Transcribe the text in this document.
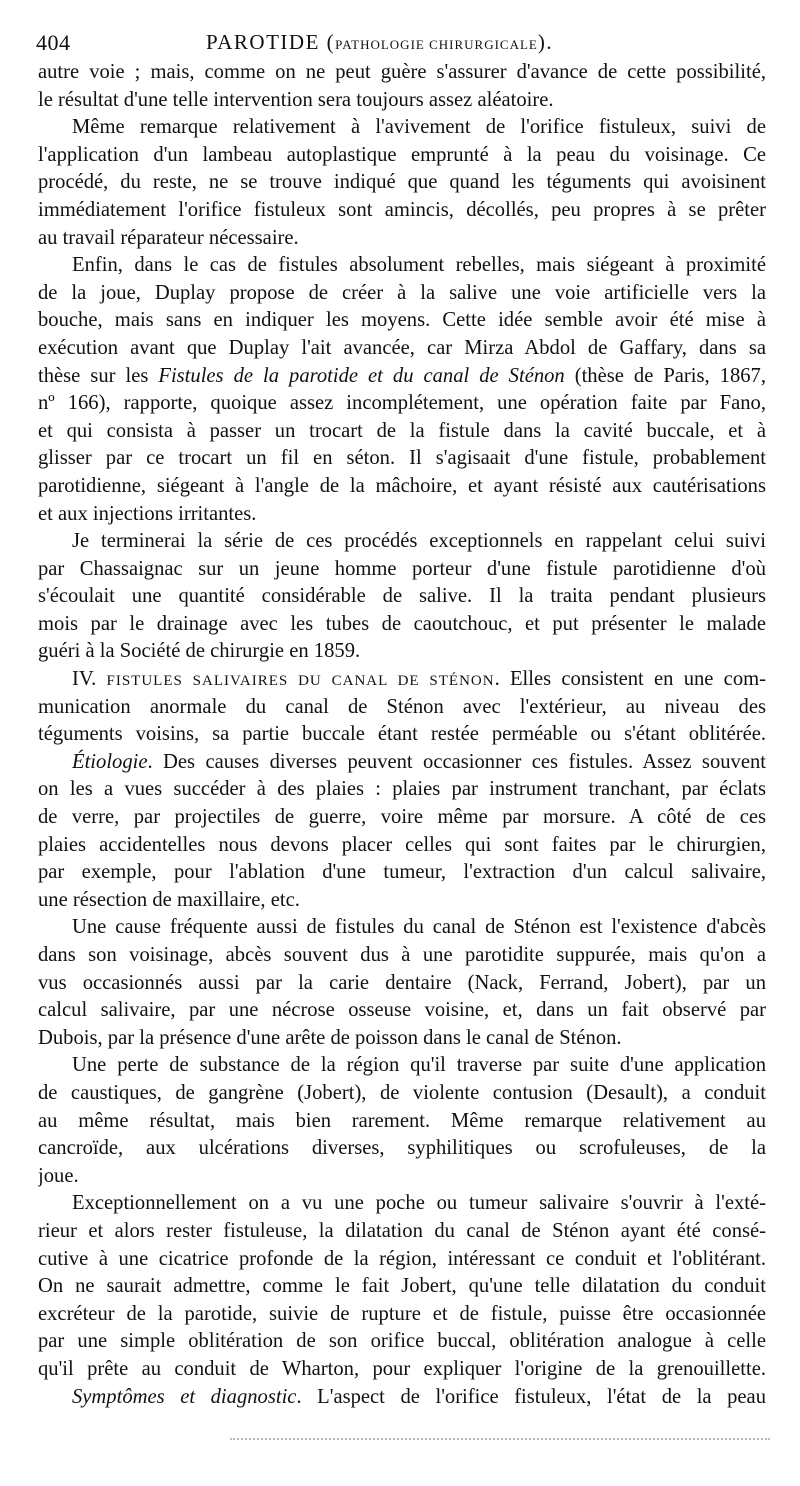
404	PAROTIDE (PATHOLOGIE CHIRURGICALE).
autre voie ; mais, comme on ne peut guère s'assurer d'avance de cette possibilité,
le résultat d'une telle intervention sera toujours assez aléatoire.
Même remarque relativement à l'avivement de l'orifice fistuleux, suivi de
l'application d'un lambeau autoplastique emprunté à la peau du voisinage. Ce
procédé, du reste, ne se trouve indiqué que quand les téguments qui avoisinent
immédiatement l'orifice fistuleux sont amincis, décollés, peu propres à se prêter
au travail réparateur nécessaire.
Enfin, dans le cas de fistules absolument rebelles, mais siégeant à proximité
de la joue, Duplay propose de créer à la salive une voie artificielle vers la
bouche, mais sans en indiquer les moyens. Cette idée semble avoir été mise à
exécution avant que Duplay l'ait avancée, car Mirza Abdol de Gaffary, dans sa
thèse sur les Fistules de la parotide et du canal de Sténon (thèse de Paris, 1867,
nº 166), rapporte, quoique assez incomplétement, une opération faite par Fano,
et qui consista à passer un trocart de la fistule dans la cavité buccale, et à
glisser par ce trocart un fil en séton. Il s'agisaait d'une fistule, probablement
parotidienne, siégeant à l'angle de la mâchoire, et ayant résisté aux cautérisations
et aux injections irritantes.
Je terminerai la série de ces procédés exceptionnels en rappelant celui suivi
par Chassaignac sur un jeune homme porteur d'une fistule parotidienne d'où
s'écoulait une quantité considérable de salive. Il la traita pendant plusieurs
mois par le drainage avec les tubes de caoutchouc, et put présenter le malade
guéri à la Société de chirurgie en 1859.
IV. FISTULES SALIVAIRES DU CANAL DE STÉNON. Elles consistent en une com-
munication anormale du canal de Sténon avec l'extérieur, au niveau des
téguments voisins, sa partie buccale étant restée perméable ou s'étant oblitérée.
Étiologie. Des causes diverses peuvent occasionner ces fistules. Assez souvent
on les a vues succéder à des plaies : plaies par instrument tranchant, par éclats
de verre, par projectiles de guerre, voire même par morsure. A côté de ces
plaies accidentelles nous devons placer celles qui sont faites par le chirurgien,
par exemple, pour l'ablation d'une tumeur, l'extraction d'un calcul salivaire,
une résection de maxillaire, etc.
Une cause fréquente aussi de fistules du canal de Sténon est l'existence d'abcès
dans son voisinage, abcès souvent dus à une parotidite suppurée, mais qu'on a
vus occasionnés aussi par la carie dentaire (Nack, Ferrand, Jobert), par un
calcul salivaire, par une nécrose osseuse voisine, et, dans un fait observé par
Dubois, par la présence d'une arête de poisson dans le canal de Sténon.
Une perte de substance de la région qu'il traverse par suite d'une application
de caustiques, de gangrène (Jobert), de violente contusion (Desault), a conduit
au même résultat, mais bien rarement. Même remarque relativement au
cancroïde, aux ulcérations diverses, syphilitiques ou scrofuleuses, de la
joue.
Exceptionnellement on a vu une poche ou tumeur salivaire s'ouvrir à l'exté-
rieur et alors rester fistuleuse, la dilatation du canal de Sténon ayant été consé-
cutive à une cicatrice profonde de la région, intéressant ce conduit et l'oblitérant.
On ne saurait admettre, comme le fait Jobert, qu'une telle dilatation du conduit
excréteur de la parotide, suivie de rupture et de fistule, puisse être occasionnée
par une simple oblitération de son orifice buccal, oblitération analogue à celle
qu'il prête au conduit de Wharton, pour expliquer l'origine de la grenouillette.
Symptômes et diagnostic. L'aspect de l'orifice fistuleux, l'état de la peau
